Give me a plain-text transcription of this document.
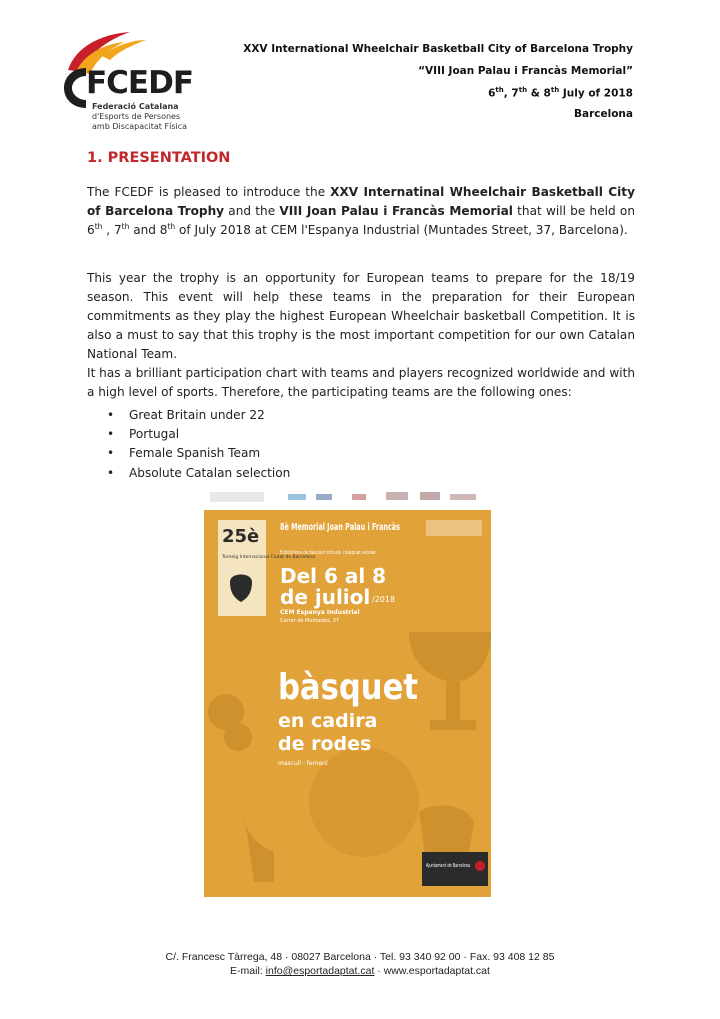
FCEDF
Federació Catalana
d'Esports de Persones
amb Discapacitat Física
XXV International Wheelchair Basketball City of Barcelona Trophy
“VIII Joan Palau i Francàs Memorial”
6th, 7th & 8th July of 2018
Barcelona
1. PRESENTATION
The FCEDF is pleased to introduce the XXV Internatinal Wheelchair Basketball City of Barcelona Trophy and the VIII Joan Palau i Francàs Memorial that will be held on 6th , 7th and 8th of July 2018 at CEM l'Espanya Industrial (Muntades Street, 37, Barcelona).
This year the trophy is an opportunity for European teams to prepare for the 18/19 season. This event will help these teams in the preparation for their European commitments as they play the highest European Wheelchair basketball Competition. It is also a must to say that this trophy is the most important competition for our own Catalan National Team.
It has a brilliant participation chart with teams and players recognized worldwide and with a high level of sports. Therefore, the participating teams are the following ones:
• Great Britain under 22
• Portugal
• Female Spanish Team
• Absolute Catalan selection
25è
Torneig Internacional Ciutat de Barcelona
8è Memorial Joan Palau i Francàs
Exhibicions de bàsquet inclusiu i bàsquet escolar
Del 6 al 8
de juliol /2018
CEM Espanya Industrial
Carrer de Muntades, 37
bàsquet
en cadira
de rodes
masculí · femení
Ajuntament de Barcelona
C/. Francesc Tàrrega, 48 · 08027 Barcelona · Tel. 93 340 92 00 · Fax. 93 408 12 85
E-mail: info@esportadaptat.cat · www.esportadaptat.cat
